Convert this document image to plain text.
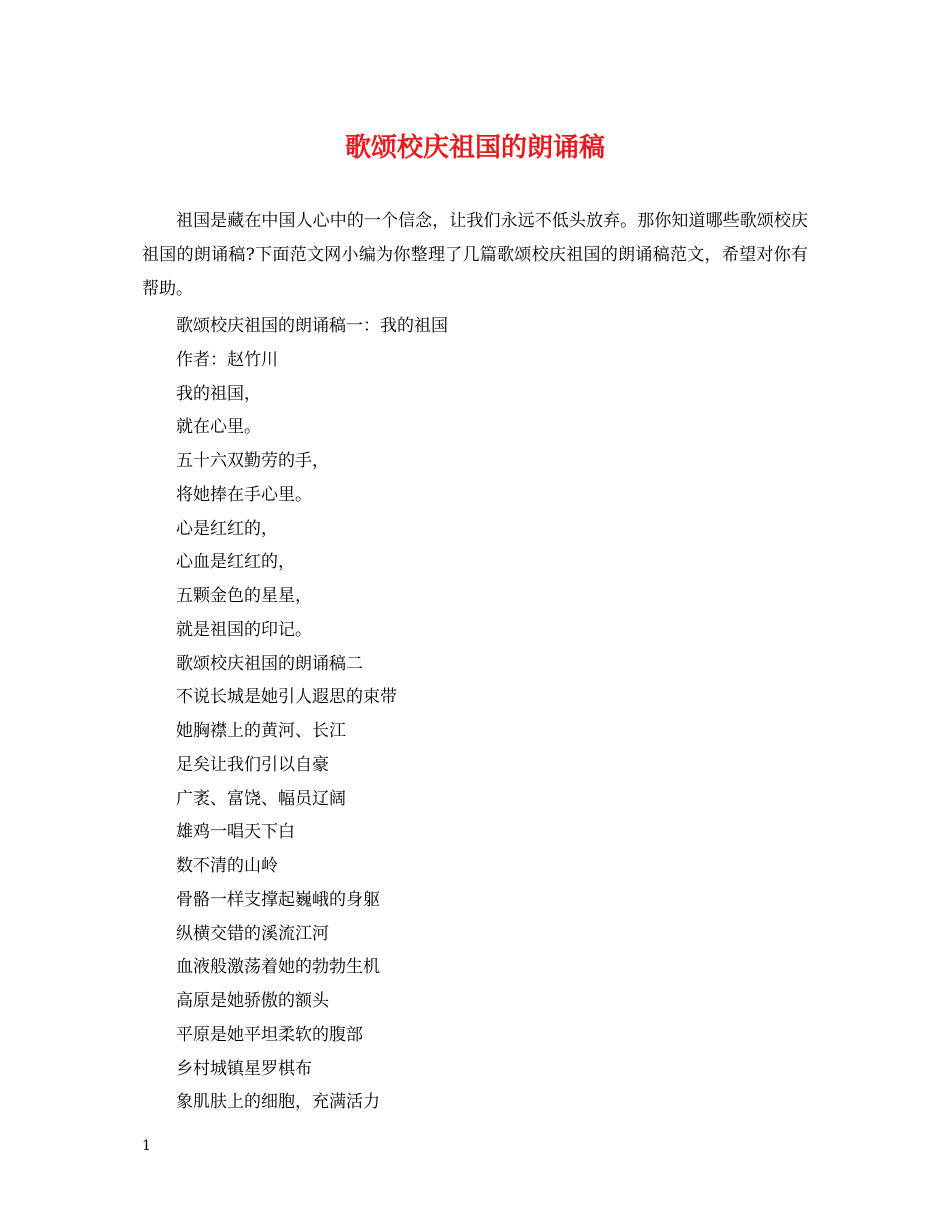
歌颂校庆祖国的朗诵稿

祖国是藏在中国人心中的一个信念，让我们永远不低头放弃。那你知道哪些歌颂校庆祖国的朗诵稿?下面范文网小编为你整理了几篇歌颂校庆祖国的朗诵稿范文，希望对你有帮助。

歌颂校庆祖国的朗诵稿一：我的祖国
作者：赵竹川
我的祖国，
就在心里。
五十六双勤劳的手，
将她捧在手心里。
心是红红的，
心血是红红的，
五颗金色的星星，
就是祖国的印记。
歌颂校庆祖国的朗诵稿二
不说长城是她引人遐思的束带
她胸襟上的黄河、长江
足矣让我们引以自豪
广袤、富饶、幅员辽阔
雄鸡一唱天下白
数不清的山岭
骨骼一样支撑起巍峨的身躯
纵横交错的溪流江河
血液般激荡着她的勃勃生机
高原是她骄傲的额头
平原是她平坦柔软的腹部
乡村城镇星罗棋布
象肌肤上的细胞，充满活力
1
